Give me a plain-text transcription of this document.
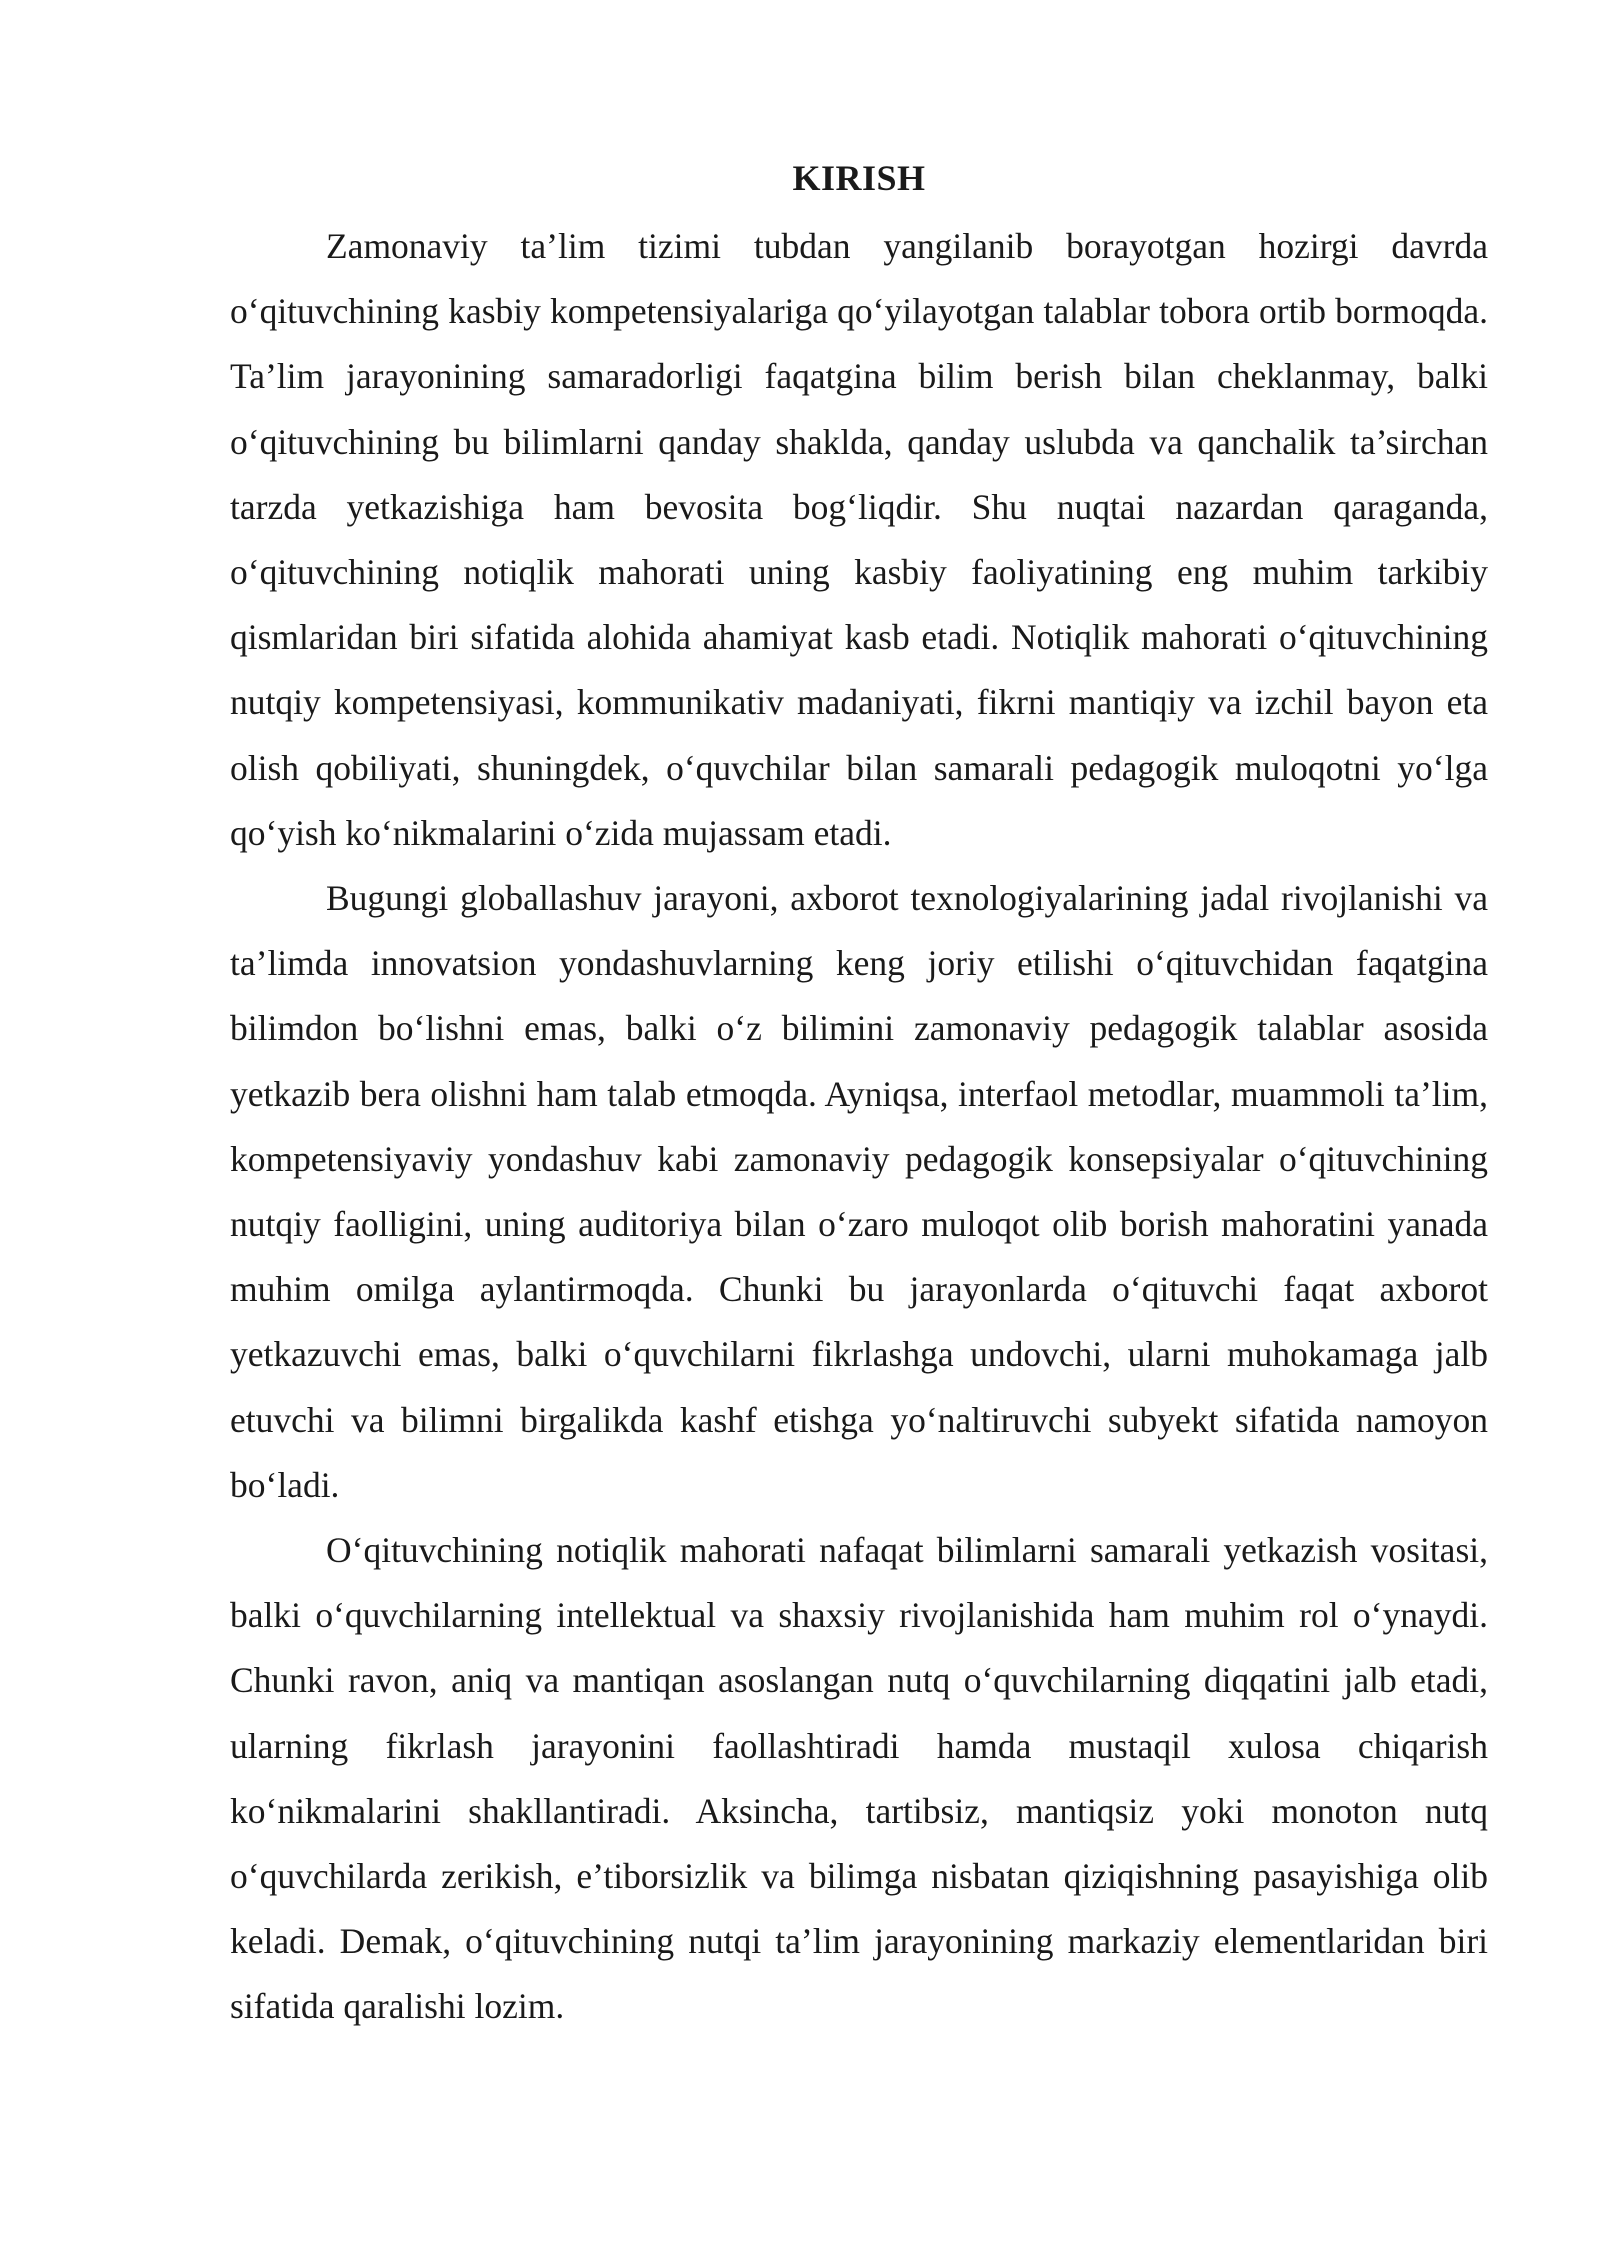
KIRISH

Zamonaviy ta’lim tizimi tubdan yangilanib borayotgan hozirgi davrda o‘qituvchining kasbiy kompetensiyalariga qo‘yilayotgan talablar tobora ortib bormoqda. Ta’lim jarayonining samaradorligi faqatgina bilim berish bilan cheklanmay, balki o‘qituvchining bu bilimlarni qanday shaklda, qanday uslubda va qanchalik ta’sirchan tarzda yetkazishiga ham bevosita bog‘liqdir. Shu nuqtai nazardan qaraganda, o‘qituvchining notiqlik mahorati uning kasbiy faoliyatining eng muhim tarkibiy qismlaridan biri sifatida alohida ahamiyat kasb etadi. Notiqlik mahorati o‘qituvchining nutqiy kompetensiyasi, kommunikativ madaniyati, fikrni mantiqiy va izchil bayon eta olish qobiliyati, shuningdek, o‘quvchilar bilan samarali pedagogik muloqotni yo‘lga qo‘yish ko‘nikmalarini o‘zida mujassam etadi.

Bugungi globallashuv jarayoni, axborot texnologiyalarining jadal rivojlanishi va ta’limda innovatsion yondashuvlarning keng joriy etilishi o‘qituvchidan faqatgina bilimdon bo‘lishni emas, balki o‘z bilimini zamonaviy pedagogik talablar asosida yetkazib bera olishni ham talab etmoqda. Ayniqsa, interfaol metodlar, muammoli ta’lim, kompetensiyaviy yondashuv kabi zamonaviy pedagogik konsepsiyalar o‘qituvchining nutqiy faolligini, uning auditoriya bilan o‘zaro muloqot olib borish mahoratini yanada muhim omilga aylantirmoqda. Chunki bu jarayonlarda o‘qituvchi faqat axborot yetkazuvchi emas, balki o‘quvchilarni fikrlashga undovchi, ularni muhokamaga jalb etuvchi va bilimni birgalikda kashf etishga yo‘naltiruvchi subyekt sifatida namoyon bo‘ladi.

O‘qituvchining notiqlik mahorati nafaqat bilimlarni samarali yetkazish vositasi, balki o‘quvchilarning intellektual va shaxsiy rivojlanishida ham muhim rol o‘ynaydi. Chunki ravon, aniq va mantiqan asoslangan nutq o‘quvchilarning diqqatini jalb etadi, ularning fikrlash jarayonini faollashtiradi hamda mustaqil xulosa chiqarish ko‘nikmalarini shakllantiradi. Aksincha, tartibsiz, mantiqsiz yoki monoton nutq o‘quvchilarda zerikish, e’tiborsizlik va bilimga nisbatan qiziqishning pasayishiga olib keladi. Demak, o‘qituvchining nutqi ta’lim jarayonining markaziy elementlaridan biri sifatida qaralishi lozim.
